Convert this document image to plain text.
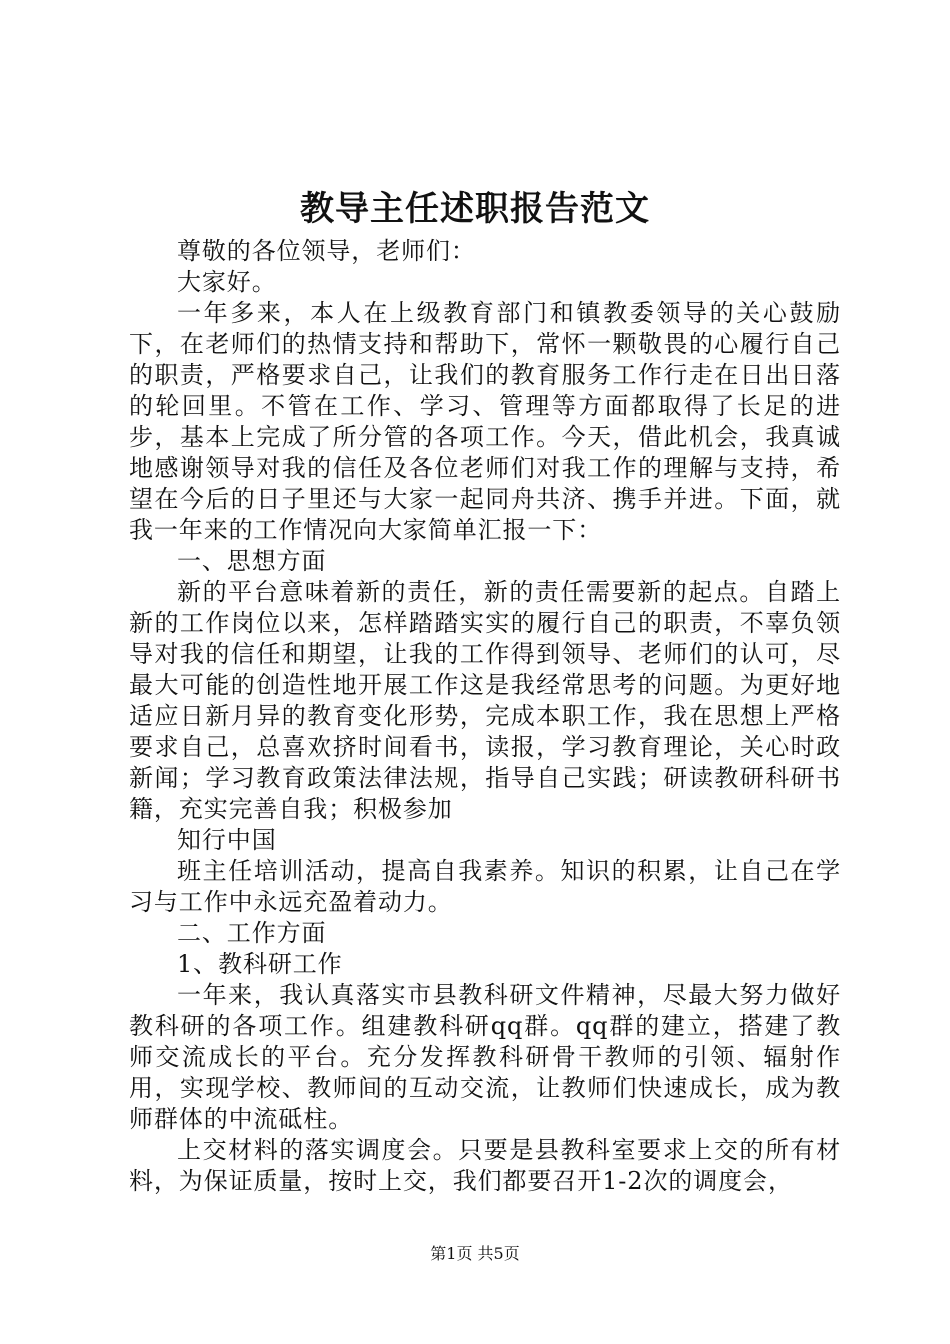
教导主任述职报告范文

尊敬的各位领导，老师们：

大家好。

一年多来，本人在上级教育部门和镇教委领导的关心鼓励下，在老师们的热情支持和帮助下，常怀一颗敬畏的心履行自己的职责，严格要求自己，让我们的教育服务工作行走在日出日落的轮回里。不管在工作、学习、管理等方面都取得了长足的进步，基本上完成了所分管的各项工作。今天，借此机会，我真诚地感谢领导对我的信任及各位老师们对我工作的理解与支持，希望在今后的日子里还与大家一起同舟共济、携手并进。下面，就我一年来的工作情况向大家简单汇报一下：

一、思想方面

新的平台意味着新的责任，新的责任需要新的起点。自踏上新的工作岗位以来，怎样踏踏实实的履行自己的职责，不辜负领导对我的信任和期望，让我的工作得到领导、老师们的认可，尽最大可能的创造性地开展工作这是我经常思考的问题。为更好地适应日新月异的教育变化形势，完成本职工作，我在思想上严格要求自己，总喜欢挤时间看书，读报，学习教育理论，关心时政新闻；学习教育政策法律法规，指导自己实践；研读教研科研书籍，充实完善自我；积极参加

知行中国

班主任培训活动，提高自我素养。知识的积累，让自己在学习与工作中永远充盈着动力。

二、工作方面

1、教科研工作

一年来，我认真落实市县教科研文件精神，尽最大努力做好教科研的各项工作。组建教科研qq群。qq群的建立，搭建了教师交流成长的平台。充分发挥教科研骨干教师的引领、辐射作用，实现学校、教师间的互动交流，让教师们快速成长，成为教师群体的中流砥柱。

上交材料的落实调度会。只要是县教科室要求上交的所有材料，为保证质量，按时上交，我们都要召开1-2次的调度会，

第1页 共5页
